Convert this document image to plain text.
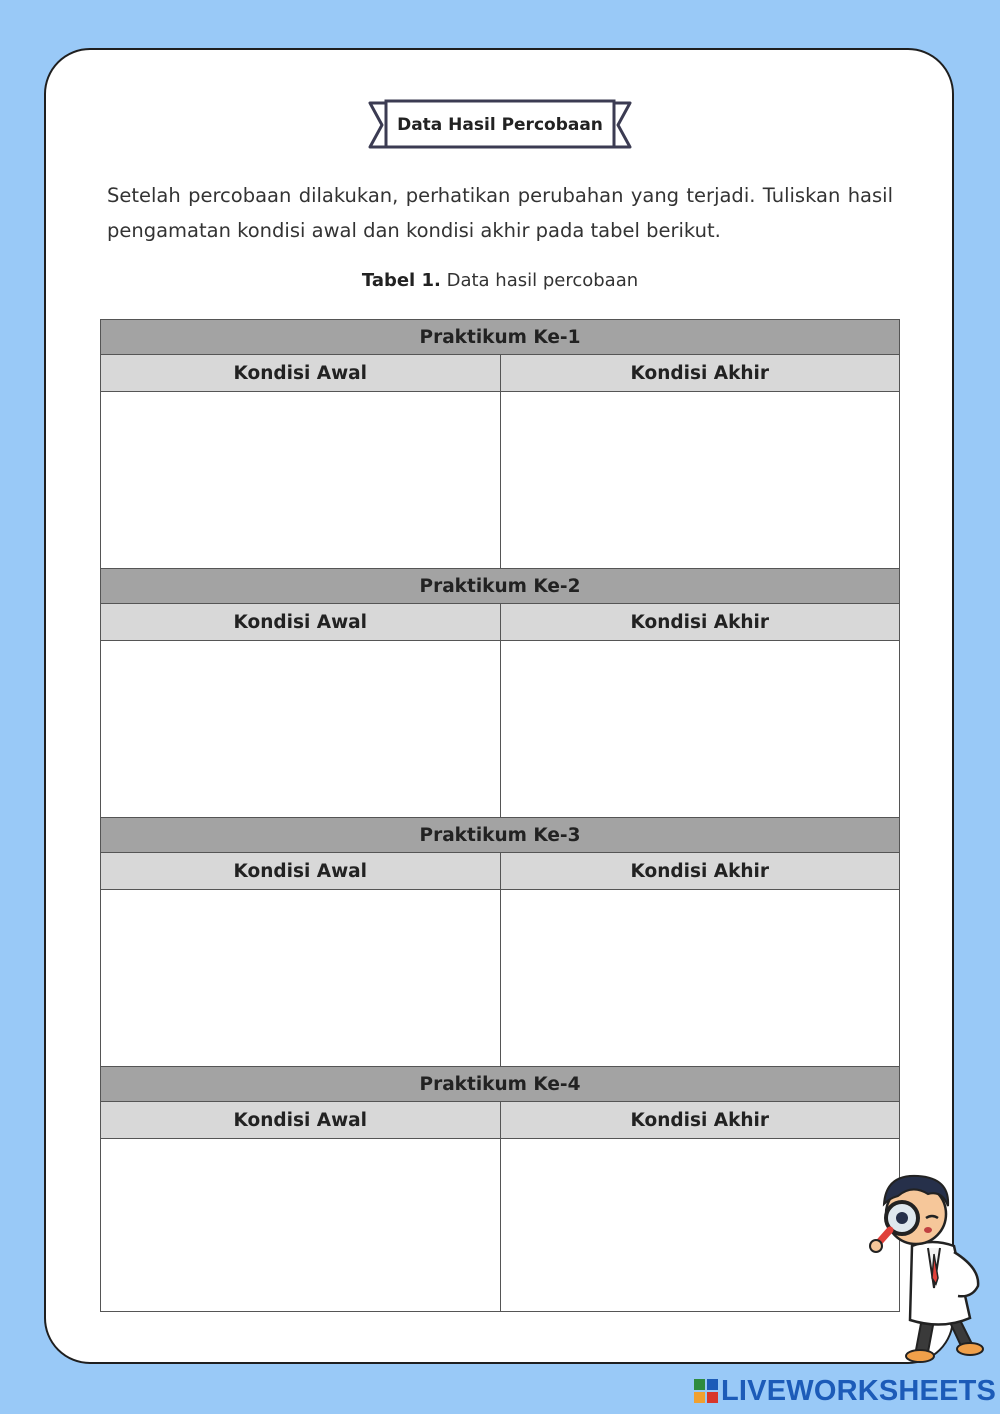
Data Hasil Percobaan
Setelah percobaan dilakukan, perhatikan perubahan yang terjadi. Tuliskan hasil pengamatan kondisi awal dan kondisi akhir pada tabel berikut.
Tabel 1. Data hasil percobaan
Praktikum Ke-1	
Kondisi Awal	Kondisi Akhir

Praktikum Ke-2	
Kondisi Awal	Kondisi Akhir

Praktikum Ke-3	
Kondisi Awal	Kondisi Akhir

Praktikum Ke-4	
Kondisi Awal	Kondisi Akhir

LIVEWORKSHEETS
